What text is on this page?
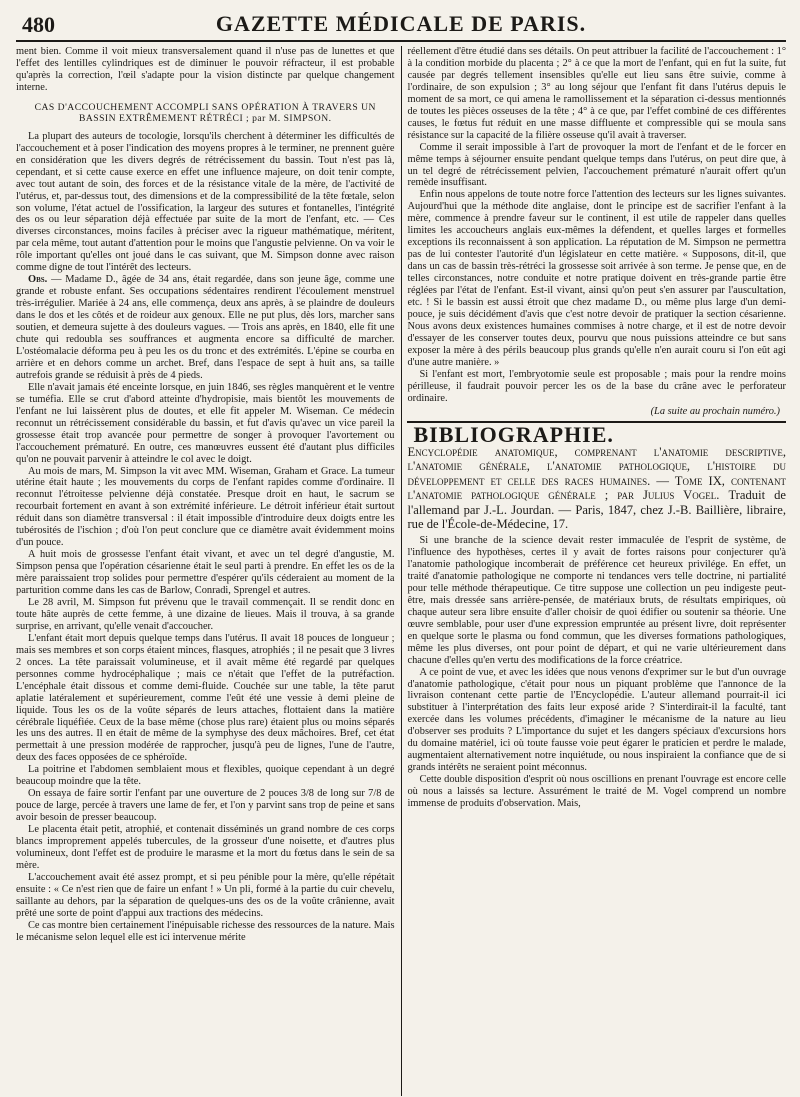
480	GAZETTE MÉDICALE DE PARIS.

ment bien. Comme il voit mieux transversalement quand il n'use pas de lunettes et que l'effet des lentilles cylindriques est de diminuer le pouvoir réfracteur, il est probable qu'après la correction, l'œil s'adapte pour la vision distincte par quelque changement interne.

CAS D'ACCOUCHEMENT ACCOMPLI SANS OPÉRATION À TRAVERS UN BASSIN EXTRÊMEMENT RÉTRÉCI ; par M. SIMPSON.

La plupart des auteurs de tocologie, lorsqu'ils cherchent à déterminer les difficultés de l'accouchement et à poser l'indication des moyens propres à le terminer, ne prennent guère en considération que les divers degrés de rétrécissement du bassin. Tout n'est pas là, cependant, et si cette cause exerce en effet une influence majeure, on doit tenir compte, avec tout autant de soin, des forces et de la résistance vitale de la mère, de l'activité de l'utérus, et, par-dessus tout, des dimensions et de la compressibilité de la tête fœtale, selon son volume, l'état actuel de l'ossification, la largeur des sutures et fontanelles, l'intégrité des os ou leur séparation déjà effectuée par suite de la mort de l'enfant, etc. — Ces diverses circonstances, moins faciles à préciser avec la rigueur mathématique, méritent, par cela même, tout autant d'attention pour le moins que l'angustie pelvienne. On va voir le rôle important qu'elles ont joué dans le cas suivant, que M. Simpson donne avec raison comme digne de tout l'intérêt des lecteurs.

Obs. — Madame D., âgée de 34 ans, était regardée, dans son jeune âge, comme une grande et robuste enfant. Ses occupations sédentaires rendirent l'écoulement menstruel très-irrégulier. Mariée à 24 ans, elle commença, deux ans après, à se plaindre de douleurs dans le dos et les côtés et de roideur aux genoux. Elle ne put plus, dès lors, marcher sans soutien, et demeura sujette à des douleurs vagues. — Trois ans après, en 1840, elle fit une chute qui redoubla ses souffrances et augmenta encore sa difficulté de marcher. L'ostéomalacie déforma peu à peu les os du tronc et des extrémités. L'épine se courba en arrière et en dehors comme un archet. Bref, dans l'espace de sept à huit ans, sa taille autrefois grande se réduisit à près de 4 pieds.

Elle n'avait jamais été enceinte lorsque, en juin 1846, ses règles manquèrent et le ventre se tuméfia. Elle se crut d'abord atteinte d'hydropisie, mais bientôt les mouvements de l'enfant ne lui laissèrent plus de doutes, et elle fit appeler M. Wiseman. Ce médecin reconnut un rétrécissement considérable du bassin, et fut d'avis qu'avec un vice pareil la grossesse était trop avancée pour permettre de songer à provoquer l'avortement ou l'accouchement prématuré. En outre, ces manœuvres eussent été d'autant plus difficiles qu'on ne pouvait parvenir à atteindre le col avec le doigt.

Au mois de mars, M. Simpson la vit avec MM. Wiseman, Graham et Grace. La tumeur utérine était haute ; les mouvements du corps de l'enfant rapides comme d'ordinaire. Il reconnut l'étroitesse pelvienne déjà constatée. Presque droit en haut, le sacrum se recourbait fortement en avant à son extrémité inférieure. Le détroit inférieur était surtout réduit dans son diamètre transversal : il était impossible d'introduire deux doigts entre les tubérosités de l'ischion ; d'où l'on peut conclure que ce diamètre avait évidemment moins d'un pouce.

A huit mois de grossesse l'enfant était vivant, et avec un tel degré d'angustie, M. Simpson pensa que l'opération césarienne était le seul parti à prendre. En effet les os de la mère paraissaient trop solides pour permettre d'espérer qu'ils céderaient au moment de la parturition comme dans les cas de Barlow, Conradi, Sprengel et autres.

Le 28 avril, M. Simpson fut prévenu que le travail commençait. Il se rendit donc en toute hâte auprès de cette femme, à une dizaine de lieues. Mais il trouva, à sa grande surprise, en arrivant, qu'elle venait d'accoucher.

L'enfant était mort depuis quelque temps dans l'utérus. Il avait 18 pouces de longueur ; mais ses membres et son corps étaient minces, flasques, atrophiés ; il ne pesait que 3 livres 2 onces. La tête paraissait volumineuse, et il avait même été regardé par quelques personnes comme hydrocéphalique ; mais ce n'était que l'effet de la putréfaction. L'encéphale était dissous et comme demi-fluide. Couchée sur une table, la tête parut aplatie latéralement et supérieurement, comme l'eût été une vessie à demi pleine de liquide. Tous les os de la voûte séparés de leurs attaches, flottaient dans la matière cérébrale liquéfiée. Ceux de la base même (chose plus rare) étaient plus ou moins séparés les uns des autres. Il en était de même de la symphyse des deux mâchoires. Bref, cet état permettait à une pression modérée de rapprocher, jusqu'à peu de lignes, l'une de l'autre, deux des faces opposées de ce sphéroïde.

La poitrine et l'abdomen semblaient mous et flexibles, quoique cependant à un degré beaucoup moindre que la tête.

On essaya de faire sortir l'enfant par une ouverture de 2 pouces 3/8 de long sur 7/8 de pouce de large, percée à travers une lame de fer, et l'on y parvint sans trop de peine et sans avoir besoin de presser beaucoup.

Le placenta était petit, atrophié, et contenait disséminés un grand nombre de ces corps blancs improprement appelés tubercules, de la grosseur d'une noisette, et d'autres plus volumineux, dont l'effet est de produire le marasme et la mort du fœtus dans le sein de sa mère.

L'accouchement avait été assez prompt, et si peu pénible pour la mère, qu'elle répétait ensuite : « Ce n'est rien que de faire un enfant ! » Un pli, formé à la partie du cuir chevelu, saillante au dehors, par la séparation de quelques-uns des os de la voûte crânienne, avait prêté une sorte de point d'appui aux tractions des médecins.

Ce cas montre bien certainement l'inépuisable richesse des ressources de la nature. Mais le mécanisme selon lequel elle est ici intervenue mérite

réellement d'être étudié dans ses détails. On peut attribuer la facilité de l'accouchement : 1° à la condition morbide du placenta ; 2° à ce que la mort de l'enfant, qui en fut la suite, fut causée par degrés tellement insensibles qu'elle eut lieu sans être suivie, comme à l'ordinaire, de son expulsion ; 3° au long séjour que l'enfant fit dans l'utérus depuis le moment de sa mort, ce qui amena le ramollissement et la séparation ci-dessus mentionnés de toutes les pièces osseuses de la tête ; 4° à ce que, par l'effet combiné de ces différentes causes, le fœtus fut réduit en une masse diffluente et compressible qui se moula sans résistance sur la capacité de la filière osseuse qu'il avait à traverser.

Comme il serait impossible à l'art de provoquer la mort de l'enfant et de le forcer en même temps à séjourner ensuite pendant quelque temps dans l'utérus, on peut dire que, à un tel degré de rétrécissement pelvien, l'accouchement prématuré n'aurait offert qu'un remède insuffisant.

Enfin nous appelons de toute notre force l'attention des lecteurs sur les lignes suivantes. Aujourd'hui que la méthode dite anglaise, dont le principe est de sacrifier l'enfant à la mère, commence à prendre faveur sur le continent, il est utile de rappeler dans quelles limites les accoucheurs anglais eux-mêmes la défendent, et quelles larges et formelles exceptions ils reconnaissent à son application. La réputation de M. Simpson ne permettra pas de lui contester l'autorité d'un législateur en cette matière. « Supposons, dit-il, que dans un cas de bassin très-rétréci la grossesse soit arrivée à son terme. Je pense que, en de telles circonstances, notre conduite et notre pratique doivent en très-grande partie être réglées par l'état de l'enfant. Est-il vivant, ainsi qu'on peut s'en assurer par l'auscultation, etc. ! Si le bassin est aussi étroit que chez madame D., ou même plus large d'un demi-pouce, je suis décidément d'avis que c'est notre devoir de pratiquer la section césarienne. Nous avons deux existences humaines commises à notre charge, et il est de notre devoir d'essayer de les conserver toutes deux, pourvu que nous puissions atteindre ce but sans exposer la mère à des périls beaucoup plus grands qu'elle n'en aurait couru si l'on eût agi d'une autre manière. »

Si l'enfant est mort, l'embryotomie seule est proposable ; mais pour la rendre moins périlleuse, il faudrait pouvoir percer les os de la base du crâne avec le perforateur ordinaire.

(La suite au prochain numéro.)
BIBLIOGRAPHIE.
Encyclopédie anatomique, comprenant l'anatomie descriptive, l'anatomie générale, l'anatomie pathologique, l'histoire du développement et celle des races humaines. — Tome IX, contenant l'anatomie pathologique générale ; par Julius Vogel. Traduit de l'allemand par J.-L. Jourdan. — Paris, 1847, chez J.-B. Baillière, libraire, rue de l'École-de-Médecine, 17.

Si une branche de la science devait rester immaculée de l'esprit de système, de l'influence des hypothèses, certes il y avait de fortes raisons pour conjecturer qu'à l'anatomie pathologique incomberait de préférence cet heureux privilége. En effet, un traité d'anatomie pathologique ne comporte ni tendances vers telle doctrine, ni partialité pour telle méthode thérapeutique. Ce titre suppose une collection un peu indigeste peut-être, mais dressée sans arrière-pensée, de matériaux bruts, de résultats empiriques, où chaque auteur sera libre ensuite d'aller choisir de quoi édifier ou soutenir sa théorie. Une œuvre semblable, pour user d'une expression empruntée au présent livre, doit représenter en quelque sorte le plasma ou fond commun, que les diverses formations pathologiques, même les plus diverses, ont pour point de départ, et qui ne varie ultérieurement dans chacune d'elles qu'en vertu des modifications de la force créatrice.

A ce point de vue, et avec les idées que nous venons d'exprimer sur le but d'un ouvrage d'anatomie pathologique, c'était pour nous un piquant problème que l'annonce de la livraison contenant cette partie de l'Encyclopédie. L'auteur allemand pourrait-il ici substituer à l'interprétation des faits leur exposé aride ? S'interdirait-il la faculté, tant exercée dans les volumes précédents, d'imaginer le mécanisme de la nature au lieu d'observer ses produits ? L'importance du sujet et les dangers spéciaux d'excursions hors du domaine matériel, ici où toute fausse voie peut égarer le praticien et perdre le malade, augmentaient alternativement notre inquiétude, ou nous inspiraient la confiance que de si grands intérêts ne seraient point méconnus.

Cette double disposition d'esprit où nous oscillions en prenant l'ouvrage est encore celle où nous a laissés sa lecture. Assurément le traité de M. Vogel comprend un nombre immense de produits d'observation. Mais,
